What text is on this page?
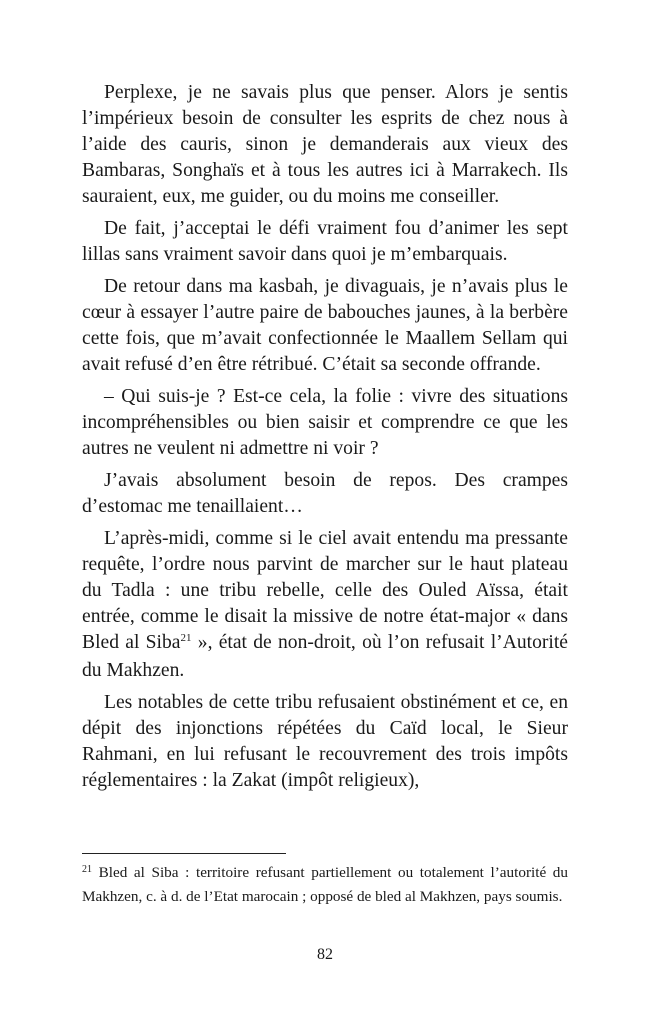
Perplexe, je ne savais plus que penser. Alors je sentis l’impérieux besoin de consulter les esprits de chez nous à l’aide des cauris, sinon je demanderais aux vieux des Bambaras, Songhaïs et à tous les autres ici à Marrakech. Ils sauraient, eux, me guider, ou du moins me conseiller.

De fait, j’acceptai le défi vraiment fou d’animer les sept lillas sans vraiment savoir dans quoi je m’embarquais.

De retour dans ma kasbah, je divaguais, je n’avais plus le cœur à essayer l’autre paire de babouches jaunes, à la berbère cette fois, que m’avait confectionnée le Maallem Sellam qui avait refusé d’en être rétribué. C’était sa seconde offrande.

– Qui suis-je ? Est-ce cela, la folie : vivre des situations incompréhensibles ou bien saisir et comprendre ce que les autres ne veulent ni admettre ni voir ?

J’avais absolument besoin de repos. Des crampes d’estomac me tenaillaient…

L’après-midi, comme si le ciel avait entendu ma pressante requête, l’ordre nous parvint de marcher sur le haut plateau du Tadla : une tribu rebelle, celle des Ouled Aïssa, était entrée, comme le disait la missive de notre état-major « dans Bled al Siba$^{21}$ », état de non-droit, où l’on refusait l’Autorité du Makhzen.

Les notables de cette tribu refusaient obstinément et ce, en dépit des injonctions répétées du Caïd local, le Sieur Rahmani, en lui refusant le recouvrement des trois impôts réglementaires : la Zakat (impôt religieux),

$^{21}$ Bled al Siba : territoire refusant partiellement ou totalement l’autorité du Makhzen, c. à d. de l’Etat marocain ; opposé de bled al Makhzen, pays soumis.
82
